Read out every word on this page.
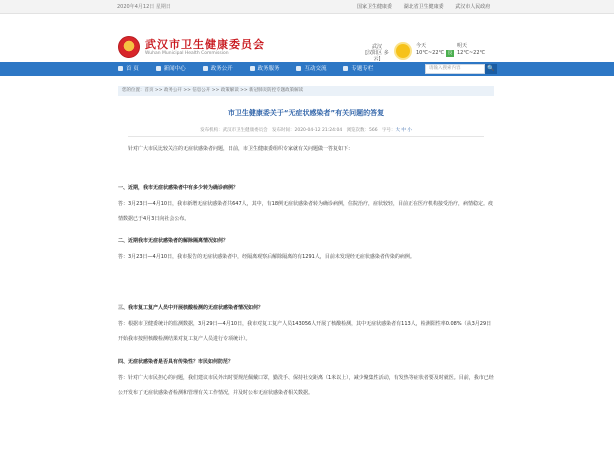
2020年4月12日 星期日	国家卫生健康委 湖北省卫生健康委 武汉市人民政府
武汉市卫生健康委员会
Wuhan Municipal Health Commission
武汉
[汉阳区 多云]
今天
10℃~22℃ 良
明天
12℃~22℃
首 页	新闻中心	政务公开	政务服务	互动交流	专题专栏	请输入搜索内容	🔍
您的位置：首页 >> 政务公开 >> 信息公开 >> 政策解读 >> 新冠肺炎防控专题政策解读
市卫生健康委关于“无症状感染者”有关问题的答复
发布机构：武汉市卫生健康委员会 发布时间：2020-04-12 21:24:04 浏览次数：566 字号：大 中 小
针对广大市民比较关注的无症状感染者问题，日前，市卫生健康委组织专家就有关问题做一答复如下：
一、近期，我市无症状感染者中有多少转为确诊病例？
答：3月23日—4月10日，我市新增无症状感染者共647人，其中，有18例无症状感染者转为确诊病例，住院治疗，症状较轻，目前正在医疗机构接受治疗，病情稳定。疫情数据已于4月3日向社会公布。
二、近期我市无症状感染者的解除隔离情况如何？
答：3月23日—4月10日，我市报告的无症状感染者中，经隔离观察后解除隔离的有1291人，目前未发现经无症状感染者传染的病例。
三、我市复工复产人员中开展核酸检测的无症状感染者情况如何？
答：根据市卫健委统计的监测数据，3月29日—4月10日，我市对复工复产人员143056人开展了核酸检测，其中无症状感染者有113人，检测阳性率0.08%（从3月29日开始我市按照核酸检测结果对复工复产人员进行专项统计）。
四、无症状感染者是否具有传染性？市民如何防范？
答：针对广大市民担心的问题，我们建议市民外出时要规范佩戴口罩，勤洗手、保持社交距离（1米以上），减少聚集性活动，有发热等症状者要及时就医。目前，我市已经公开发布了无症状感染者检测和管理有关工作情况，并及时公布无症状感染者相关数据。
